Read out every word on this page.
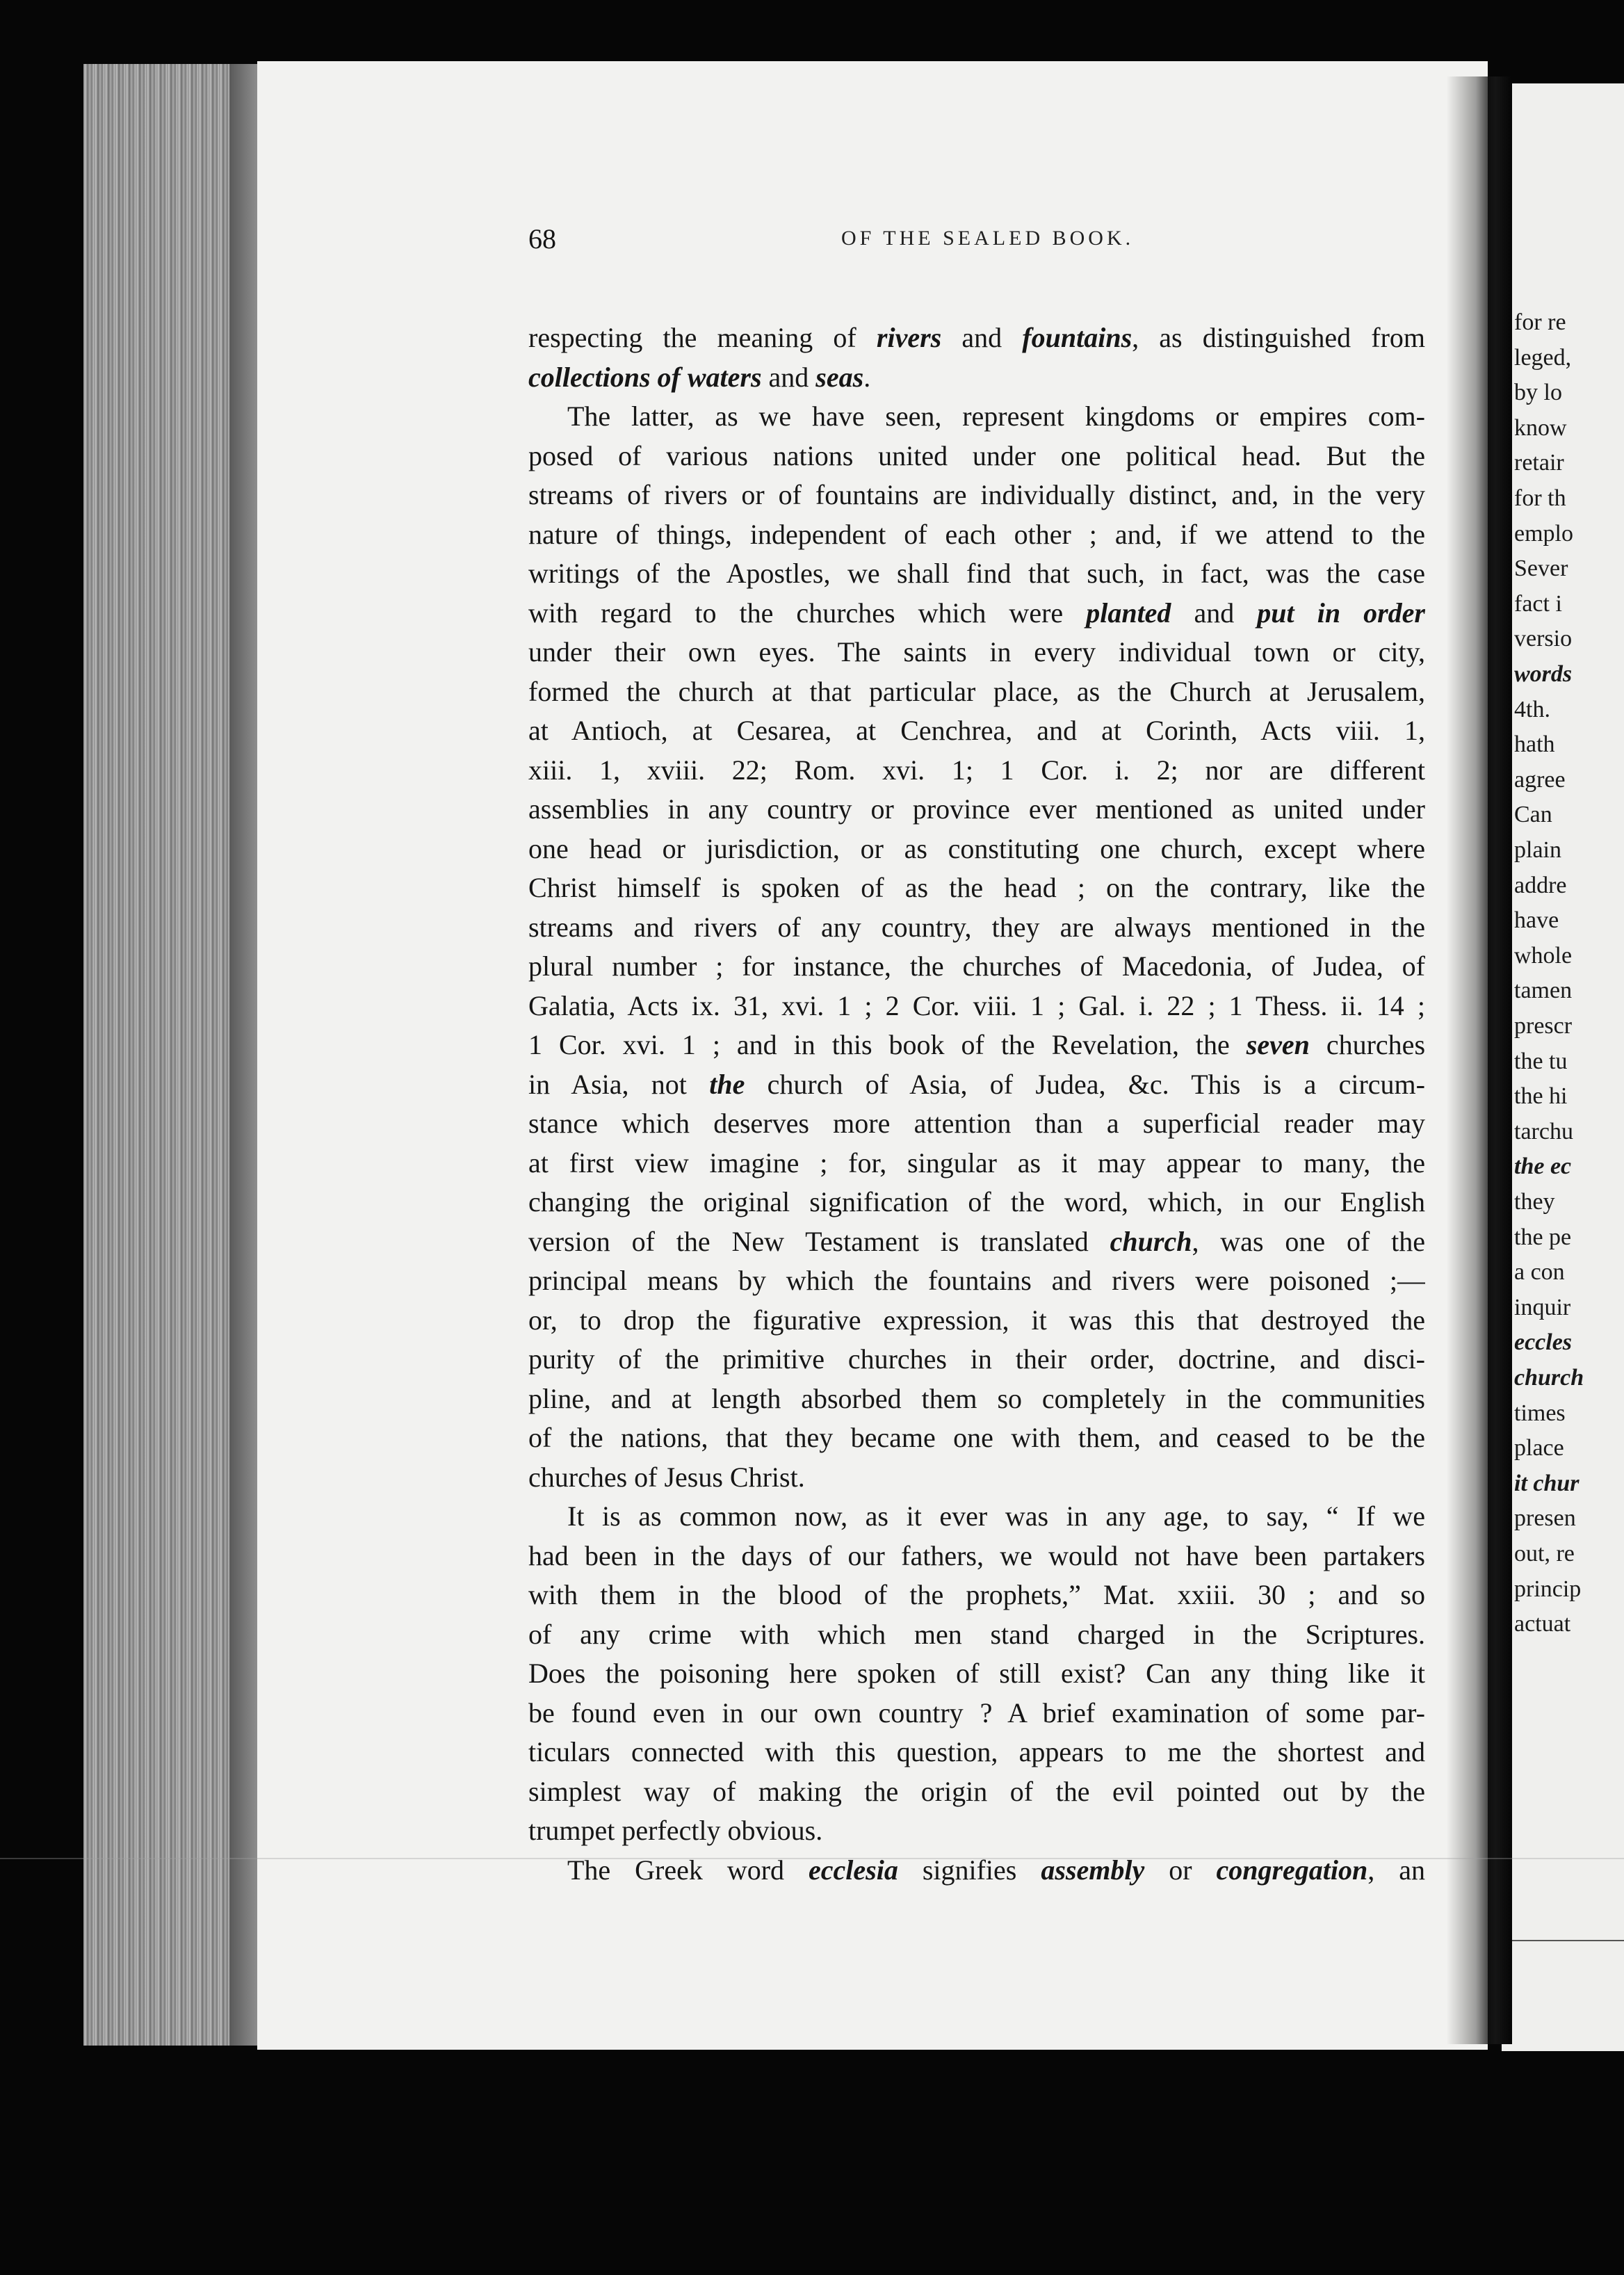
for re
leged,
by lo
know
retair
for th
emplo
Sever
fact i
versio
words
4th.
hath
agree
Can
plain
addre
have
whole
tamen
prescr
the tu
the hi
tarchu
the ec
they
the pe
a con
inquir
eccles
church
times
place
it chur
presen
out, re
princip
actuat
68	OF THE SEALED BOOK.
respecting the meaning of rivers and fountains, as distinguished from
collections of waters and seas.
The latter, as we have seen, represent kingdoms or empires com-
posed of various nations united under one political head. But the
streams of rivers or of fountains are individually distinct, and, in the very
nature of things, independent of each other ; and, if we attend to the
writings of the Apostles, we shall find that such, in fact, was the case
with regard to the churches which were planted and put in order
under their own eyes. The saints in every individual town or city,
formed the church at that particular place, as the Church at Jerusalem,
at Antioch, at Cesarea, at Cenchrea, and at Corinth, Acts viii. 1,
xiii. 1, xviii. 22; Rom. xvi. 1; 1 Cor. i. 2; nor are different
assemblies in any country or province ever mentioned as united under
one head or jurisdiction, or as constituting one church, except where
Christ himself is spoken of as the head ; on the contrary, like the
streams and rivers of any country, they are always mentioned in the
plural number ; for instance, the churches of Macedonia, of Judea, of
Galatia, Acts ix. 31, xvi. 1 ; 2 Cor. viii. 1 ; Gal. i. 22 ; 1 Thess. ii. 14 ;
1 Cor. xvi. 1 ; and in this book of the Revelation, the seven churches
in Asia, not the church of Asia, of Judea, &c. This is a circum-
stance which deserves more attention than a superficial reader may
at first view imagine ; for, singular as it may appear to many, the
changing the original signification of the word, which, in our English
version of the New Testament is translated church, was one of the
principal means by which the fountains and rivers were poisoned ;—
or, to drop the figurative expression, it was this that destroyed the
purity of the primitive churches in their order, doctrine, and disci-
pline, and at length absorbed them so completely in the communities
of the nations, that they became one with them, and ceased to be the
churches of Jesus Christ.
It is as common now, as it ever was in any age, to say, “ If we
had been in the days of our fathers, we would not have been partakers
with them in the blood of the prophets,” Mat. xxiii. 30 ; and so
of any crime with which men stand charged in the Scriptures.
Does the poisoning here spoken of still exist? Can any thing like it
be found even in our own country ? A brief examination of some par-
ticulars connected with this question, appears to me the shortest and
simplest way of making the origin of the evil pointed out by the
trumpet perfectly obvious.
The Greek word ecclesia signifies assembly or congregation, an
